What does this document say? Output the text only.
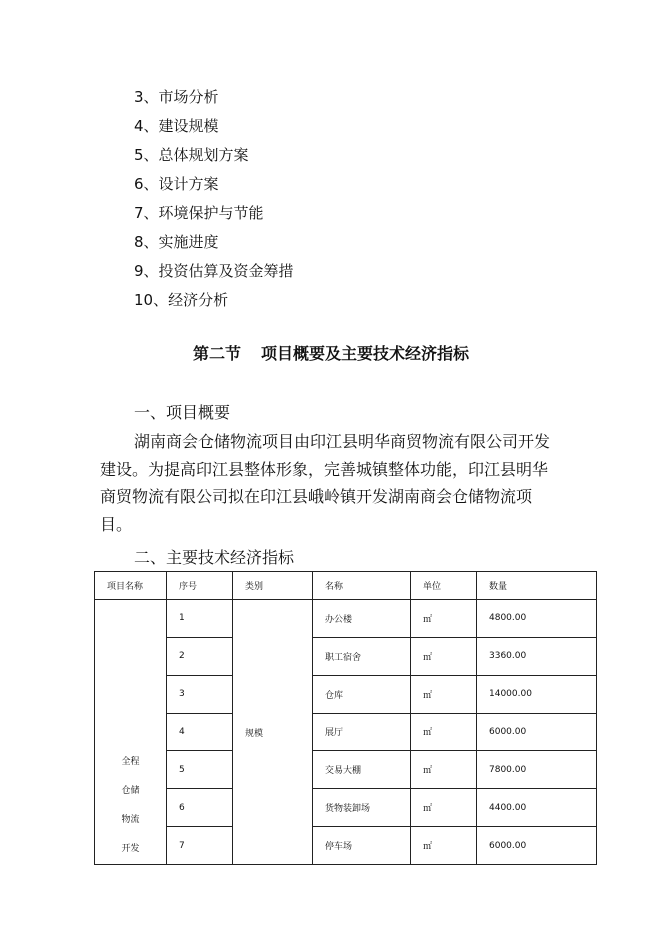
3、市场分析
4、建设规模
5、总体规划方案
6、设计方案
7、环境保护与节能
8、实施进度
9、投资估算及资金筹措
10、经济分析
第二节 项目概要及主要技术经济指标
一、项目概要
湖南商会仓储物流项目由印江县明华商贸物流有限公司开发建设。为提高印江县整体形象，完善城镇整体功能，印江县明华商贸物流有限公司拟在印江县峨岭镇开发湖南商会仓储物流项目。
二、主要技术经济指标
项目名称	序号	类别	名称	单位	数量

全程
仓储
物流
开发	1	规模	办公楼	㎡	4800.00
	2		职工宿舍	㎡	3360.00
	3		仓库	㎡	14000.00
	4		展厅	㎡	6000.00
	5		交易大棚	㎡	7800.00
	6		货物装卸场	㎡	4400.00
	7		停车场	㎡	6000.00
